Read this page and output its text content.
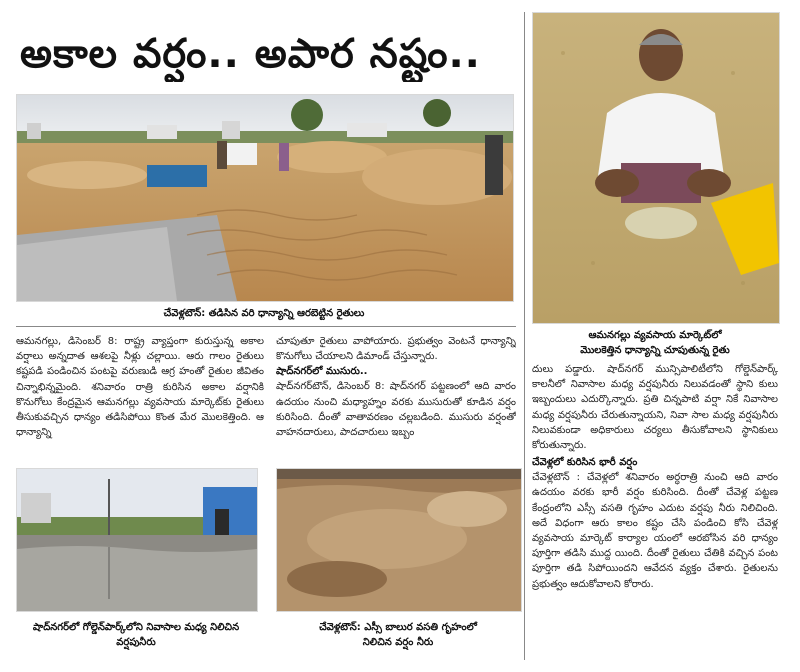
అకాల వర్షం.. అపార నష్టం..
చేవెళ్లటౌన్: తడిసిన వరి ధాన్యాన్ని ఆరబెట్టిన రైతులు
ఆమనగల్లు వ్యవసాయ మార్కెట్‌లో
మొలకెత్తిన ధాన్యాన్ని చూపుతున్న రైతు
ఆమనగల్లు, డిసెంబర్ 8: రాష్ట్ర వ్యాప్తంగా కురుస్తున్న అకాల వర్షాలు అన్నదాత ఆశలపై నీళ్లు చల్లాయి. ఆరు గాలం రైతులు కష్టపడి పండించిన పంటపై వరుణుడి ఆగ్ర హంతో రైతుల జీవితం చిన్నాభిన్నమైంది. శనివారం రాత్రి కురిసిన అకాల వర్షానికి కొనుగోలు కేంద్రమైన ఆమనగల్లు వ్యవసాయ మార్కెట్‌కు రైతులు తీసుకువచ్చిన ధాన్యం తడిసిపోయి కొంత మేర మొలకెత్తింది. ఆ ధాన్యాన్ని
చూపుతూ రైతులు వాపోయారు. ప్రభుత్వం వెంటనే ధాన్యాన్ని కొనుగోలు చేయాలని డిమాండ్ చేస్తున్నారు.
షాద్‌నగర్‌లో ముసురు..
షాద్‌నగర్‌టౌన్, డిసెంబర్ 8: షాద్‌నగర్ పట్టణంలో ఆది వారం ఉదయం నుంచి మధ్యాహ్నం వరకు ముసురుతో కూడిన వర్షం కురిసింది. దీంతో వాతావరణం చల్లబడింది. ముసురు వర్షంతో వాహనదారులు, పాదచారులు ఇబ్బం
దులు పడ్డారు. షాద్‌నగర్ మున్సిపాలిటీలోని గోల్డెన్‌పార్క్ కాలనీలో నివాసాల మధ్య వర్షపునీరు నిలువడంతో స్థాని కులు ఇబ్బందులు ఎదుర్కొన్నారు. ప్రతి చిన్నపాటి వర్షా నికే నివాసాల మధ్య వర్షపునీరు చేరుతున్నాయని, నివా సాల మధ్య వర్షపునీరు నిలువకుండా అధికారులు చర్యలు తీసుకోవాలని స్థానికులు కోరుతున్నారు.
చేవెళ్లలో కురిసిన భారీ వర్షం
చేవెళ్లటౌన్ : చేవెళ్లలో శనివారం అర్ధరాత్రి నుంచి ఆది వారం ఉదయం వరకు భారీ వర్షం కురిసింది. దీంతో చేవెళ్ల పట్టణ కేంద్రంలోని ఎస్సీ వసతి గృహం ఎదుట వర్షపు నీరు నిలిచింది. అదే విధంగా ఆరు కాలం కష్టం చేసి పండించి కోసి చేవెళ్ల వ్యవసాయ మార్కెట్ కార్యాల యంలో ఆరబోసిన వరి ధాన్యం పూర్తిగా తడిసి ముద్ద యింది. దీంతో రైతులు చేతికి వచ్చిన పంట పూర్తిగా తడి సిపోయిందని ఆవేదన వ్యక్తం చేశారు. రైతులను ప్రభుత్వం ఆదుకోవాలని కోరారు.
షాద్‌నగర్‌లో గోల్డెన్‌పార్క్‌లోని నివాసాల మధ్య నిలిచిన
వర్షపునీరు
చేవెళ్లటౌన్: ఎస్సీ బాలుర వసతి గృహంలో
నిలిచిన వర్షం నీరు
